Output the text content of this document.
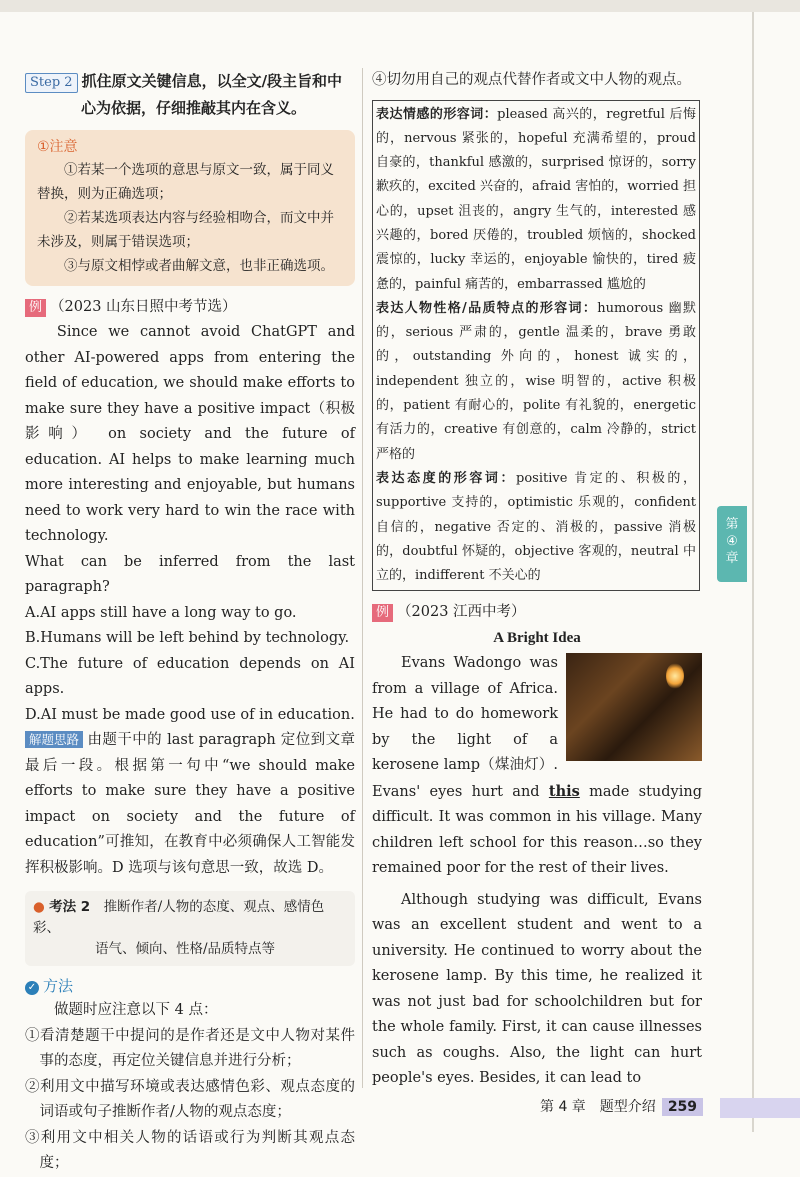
Step 2 抓住原文关键信息，以全文/段主旨和中
心为依据，仔细推敲其内在含义。
①注意

①若某一个选项的意思与原文一致，属于同义替换，则为正确选项；

②若某选项表达内容与经验相吻合，而文中并未涉及，则属于错误选项；

③与原文相悖或者曲解文意，也非正确选项。

例 （2023 山东日照中考节选）
Since we cannot avoid ChatGPT and other AI-powered apps from entering the field of education, we should make efforts to make sure they have a positive impact（积极影响） on society and the future of education. AI helps to make learning much more interesting and enjoyable, but humans need to work very hard to win the race with technology.
What can be inferred from the last paragraph?
A.AI apps still have a long way to go.
B.Humans will be left behind by technology.
C.The future of education depends on AI apps.
D.AI must be made good use of in education.
解题思路 由题干中的 last paragraph 定位到文章最后一段。根据第一句中“we should make efforts to make sure they have a positive impact on society and the future of education”可推知，在教育中必须确保人工智能发挥积极影响。D 选项与该句意思一致，故选 D。
● 考法 2　 推断作者/人物的态度、观点、感情色彩、
语气、倾向、性格/品质特点等
✓ 方法
做题时应注意以下 4 点：
①看清楚题干中提问的是作者还是文中人物对某件事的态度，再定位关键信息并进行分析；
②利用文中描写环境或表达感情色彩、观点态度的词语或句子推断作者/人物的观点态度；
③利用文中相关人物的话语或行为判断其观点态度；
④切勿用自己的观点代替作者或文中人物的观点。

表达情感的形容词：pleased 高兴的，regretful 后悔的，nervous 紧张的，hopeful 充满希望的，proud 自豪的，thankful 感激的，surprised 惊讶的，sorry 歉疚的，excited 兴奋的，afraid 害怕的，worried 担心的，upset 沮丧的，angry 生气的，interested 感兴趣的，bored 厌倦的，troubled 烦恼的，shocked 震惊的，lucky 幸运的，enjoyable 愉快的，tired 疲惫的，painful 痛苦的，embarrassed 尴尬的

表达人物性格/品质特点的形容词：humorous 幽默的，serious 严肃的，gentle 温柔的，brave 勇敢的，outstanding 外向的，honest 诚实的，independent 独立的，wise 明智的，active 积极的，patient 有耐心的，polite 有礼貌的，energetic 有活力的，creative 有创意的，calm 冷静的，strict 严格的

表达态度的形容词：positive 肯定的、积极的，supportive 支持的，optimistic 乐观的，confident 自信的，negative 否定的、消极的，passive 消极的，doubtful 怀疑的，objective 客观的，neutral 中立的，indifferent 不关心的

例 （2023 江西中考）
A Bright Idea
Evans Wadongo was from a village of Africa. He had to do homework by the light of a kerosene lamp（煤油灯）. Evans' eyes hurt and this made studying difficult. It was common in his village. Many children left school for this reason…so they remained poor for the rest of their lives.
Although studying was difficult, Evans was an excellent student and went to a university. He continued to worry about the kerosene lamp. By this time, he realized it was not just bad for schoolchildren but for the whole family. First, it can cause illnesses such as coughs. Also, the light can hurt people's eyes. Besides, it can lead to
第
④
章
第 4 章　题型介绍 259
